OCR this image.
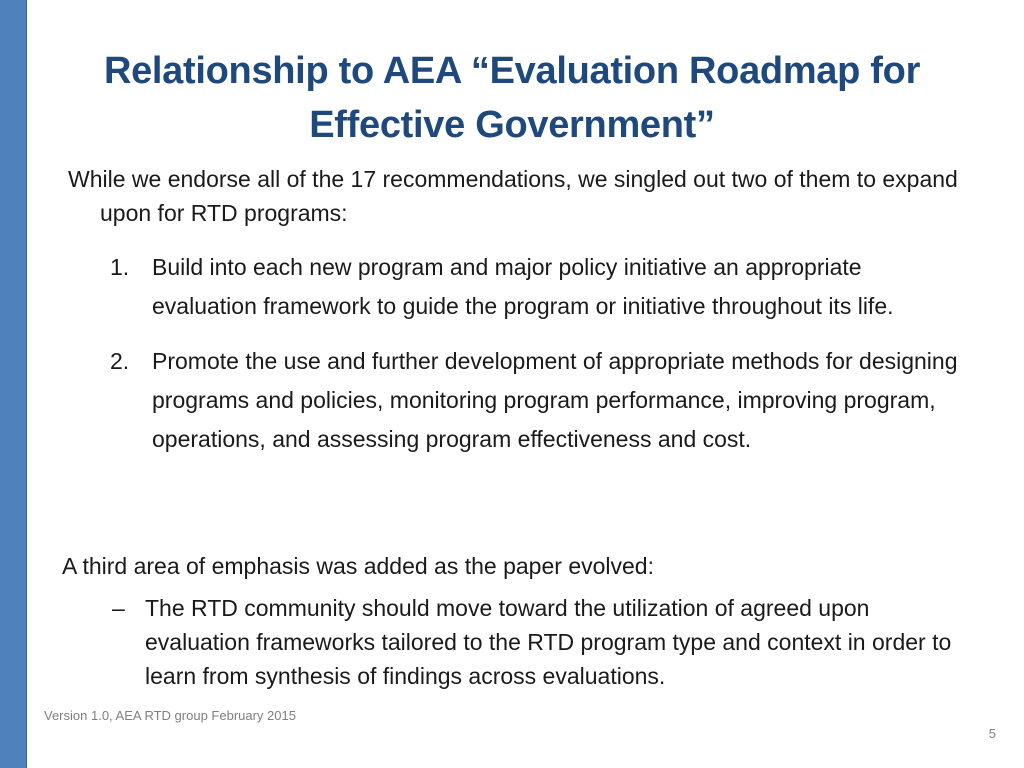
Relationship to AEA “Evaluation Roadmap for Effective Government”

While we endorse all of the 17 recommendations, we singled out two of them to expand upon for RTD programs:

1. Build into each new program and major policy initiative an appropriate evaluation framework to guide the program or initiative throughout its life.
2. Promote the use and further development of appropriate methods for designing programs and policies, monitoring program performance, improving program, operations, and assessing program effectiveness and cost.
A third area of emphasis was added as the paper evolved:
– The RTD community should move toward the utilization of agreed upon evaluation frameworks tailored to the RTD program type and context in order to learn from synthesis of findings across evaluations.
Version 1.0, AEA RTD group February 2015
5
